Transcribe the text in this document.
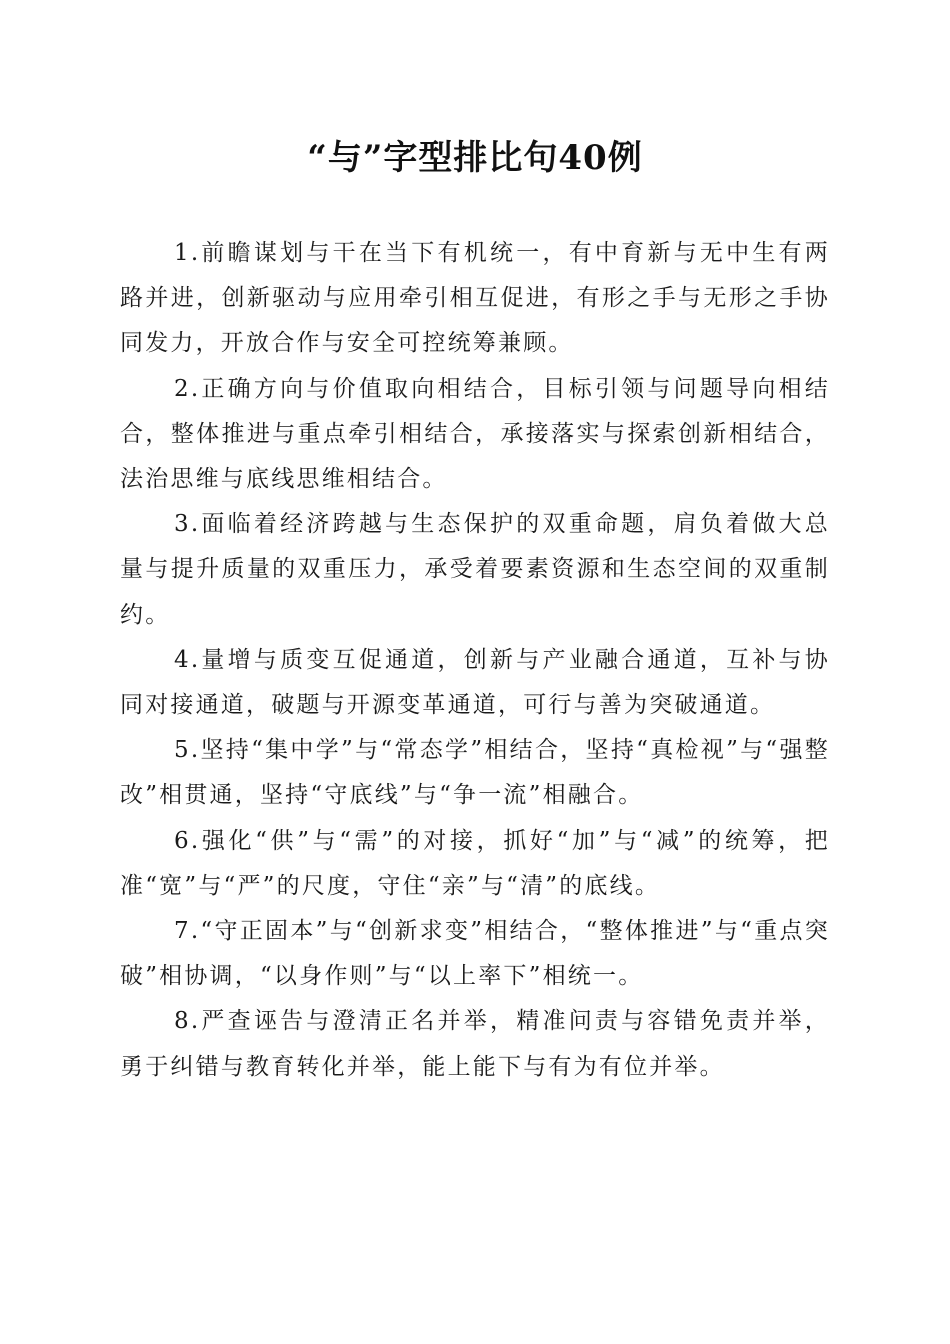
“与”字型排比句40例

1.前瞻谋划与干在当下有机统一，有中育新与无中生有两路并进，创新驱动与应用牵引相互促进，有形之手与无形之手协同发力，开放合作与安全可控统筹兼顾。

2.正确方向与价值取向相结合，目标引领与问题导向相结合，整体推进与重点牵引相结合，承接落实与探索创新相结合，法治思维与底线思维相结合。

3.面临着经济跨越与生态保护的双重命题，肩负着做大总量与提升质量的双重压力，承受着要素资源和生态空间的双重制约。

4.量增与质变互促通道，创新与产业融合通道，互补与协同对接通道，破题与开源变革通道，可行与善为突破通道。

5.坚持“集中学”与“常态学”相结合，坚持“真检视”与“强整改”相贯通，坚持“守底线”与“争一流”相融合。

6.强化“供”与“需”的对接，抓好“加”与“减”的统筹，把准“宽”与“严”的尺度，守住“亲”与“清”的底线。

7.“守正固本”与“创新求变”相结合，“整体推进”与“重点突破”相协调，“以身作则”与“以上率下”相统一。

8.严查诬告与澄清正名并举，精准问责与容错免责并举，勇于纠错与教育转化并举，能上能下与有为有位并举。
